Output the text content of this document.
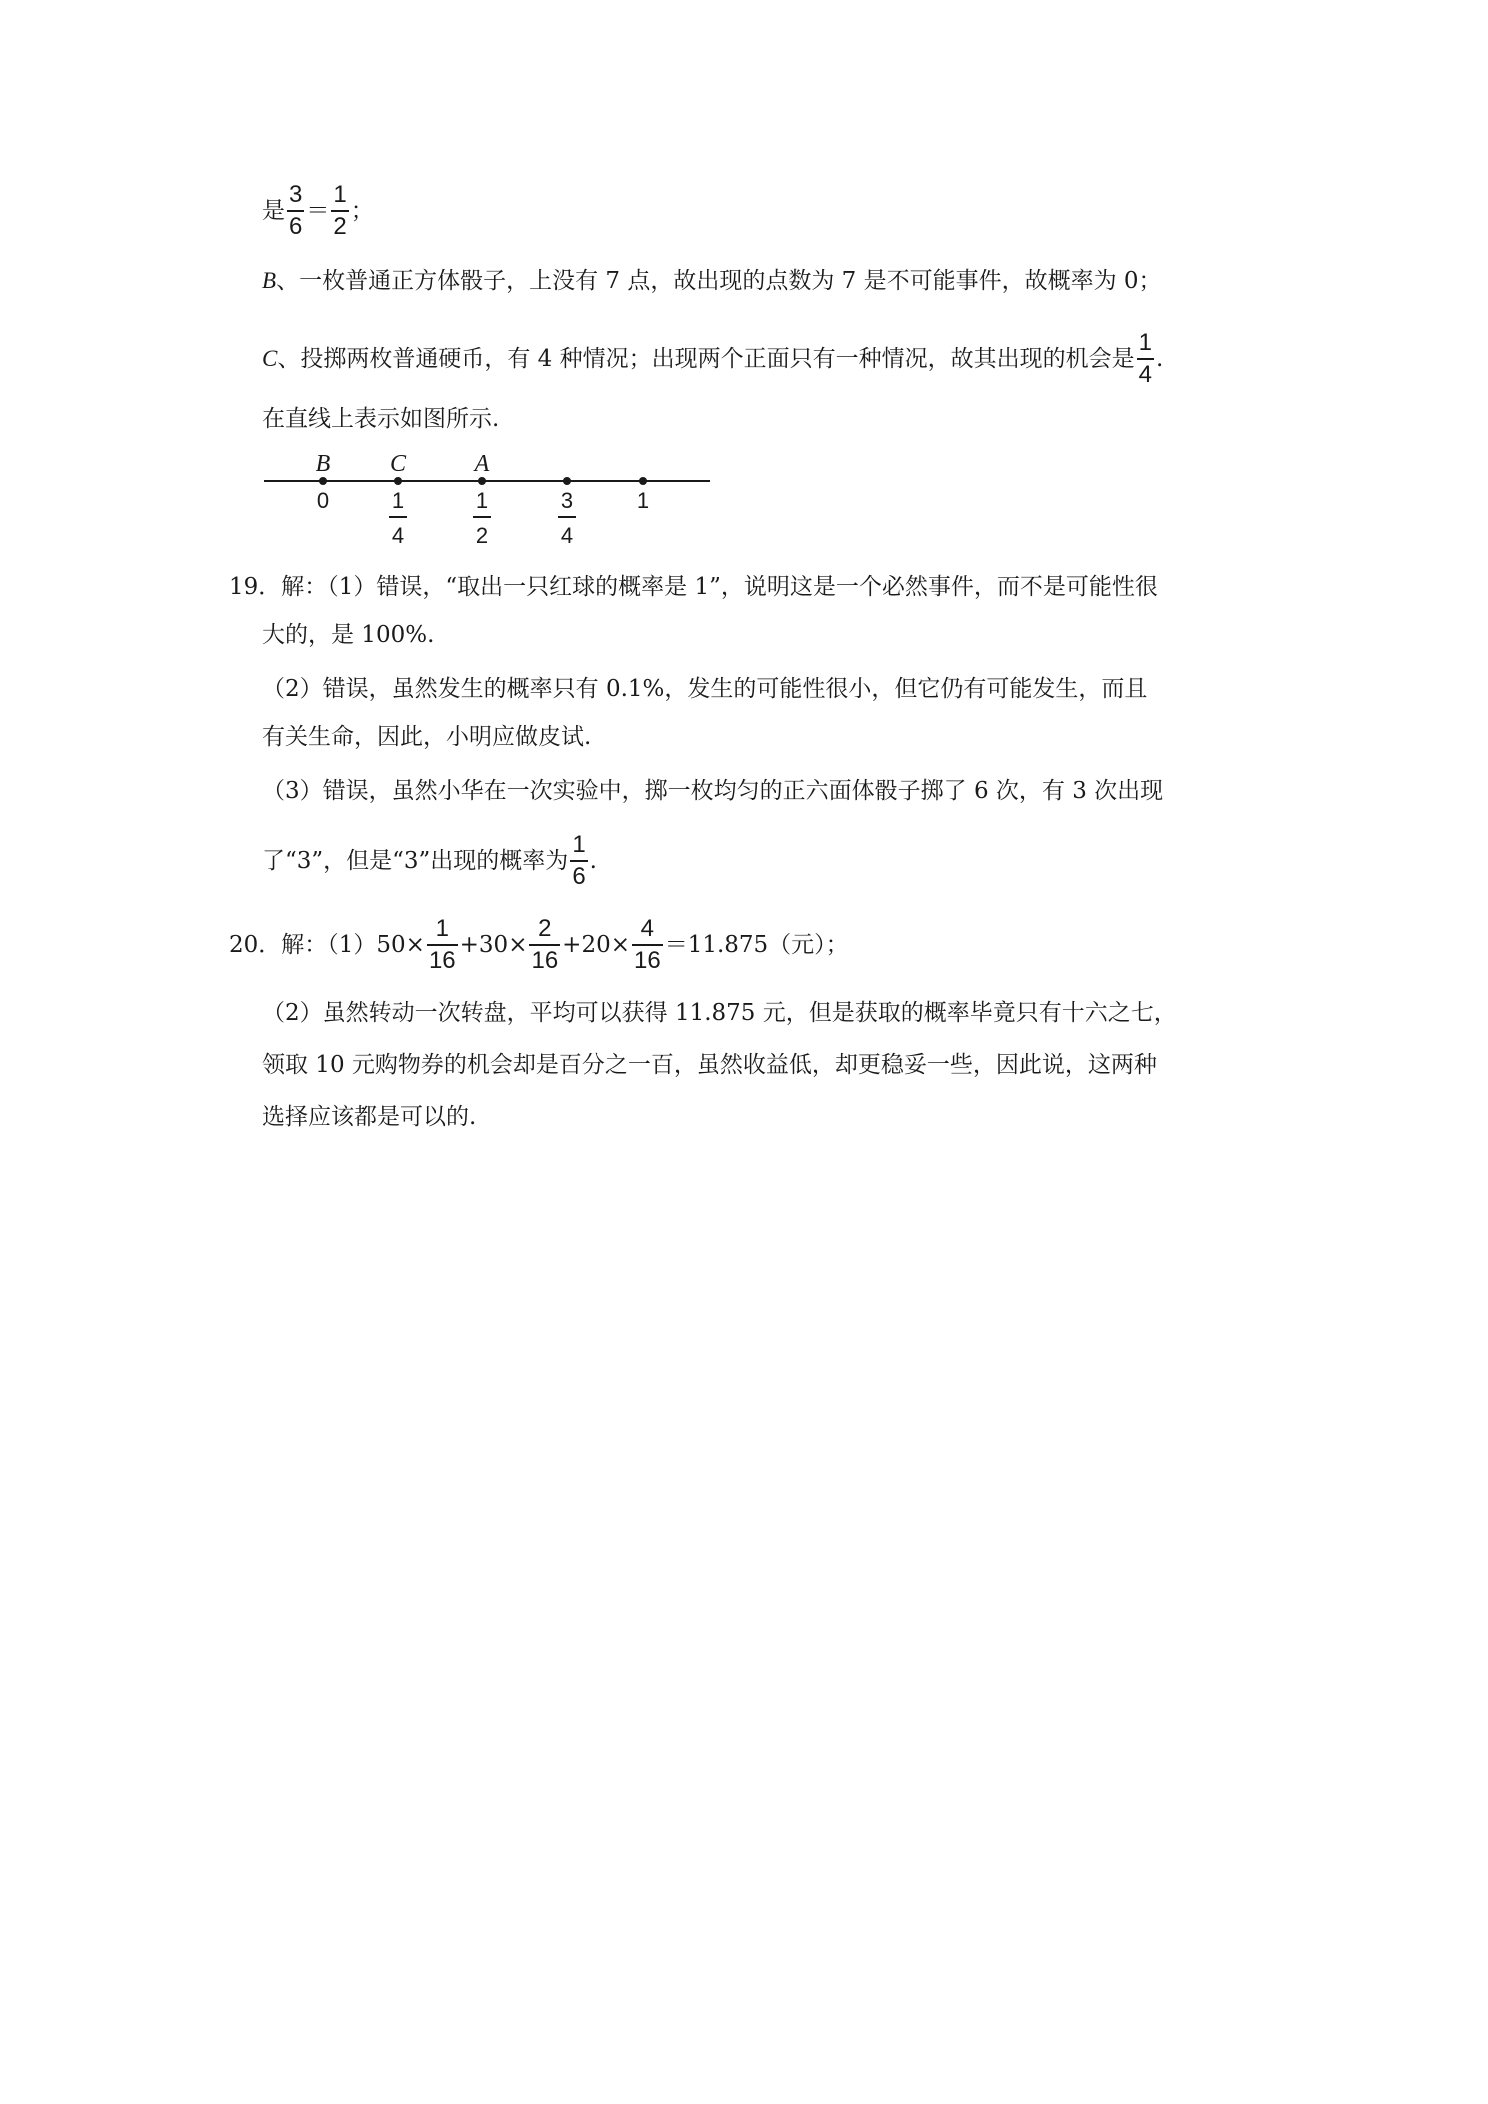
是 $\frac{3}{6} = \frac{1}{2}$ ；
B 、一枚普通正方体骰子，上没有 7 点，故出现的点数为 7 是不可能事件，故概率为 0；
C 、投掷两枚普通硬币，有 4 种情况；出现两个正面只有一种情况，故其出现的机会是 $\frac{1}{4}$ .
在直线上表示如图所示.
B
0
C
1
4
A
1
2
3
4
1
19．解：（1）错误，“取出一只红球的概率是 1”，说明这是一个必然事件，而不是可能性很
大的，是 100%.
（2）错误，虽然发生的概率只有 0.1%，发生的可能性很小，但它仍有可能发生，而且
有关生命，因此，小明应做皮试.
（3）错误，虽然小华在一次实验中，掷一枚均匀的正六面体骰子掷了 6 次，有 3 次出现
了“3”，但是“3”出现的概率为 $\frac{1}{6}$ .
20．解：$(1)50\times \frac{1}{16} +30\times \frac{2}{16} +20\times \frac{4}{16} =11.875$（元）；
（2）虽然转动一次转盘，平均可以获得 11.875 元，但是获取的概率毕竟只有十六之七，
领取 10 元购物券的机会却是百分之一百，虽然收益低，却更稳妥一些，因此说，这两种
选择应该都是可以的.
